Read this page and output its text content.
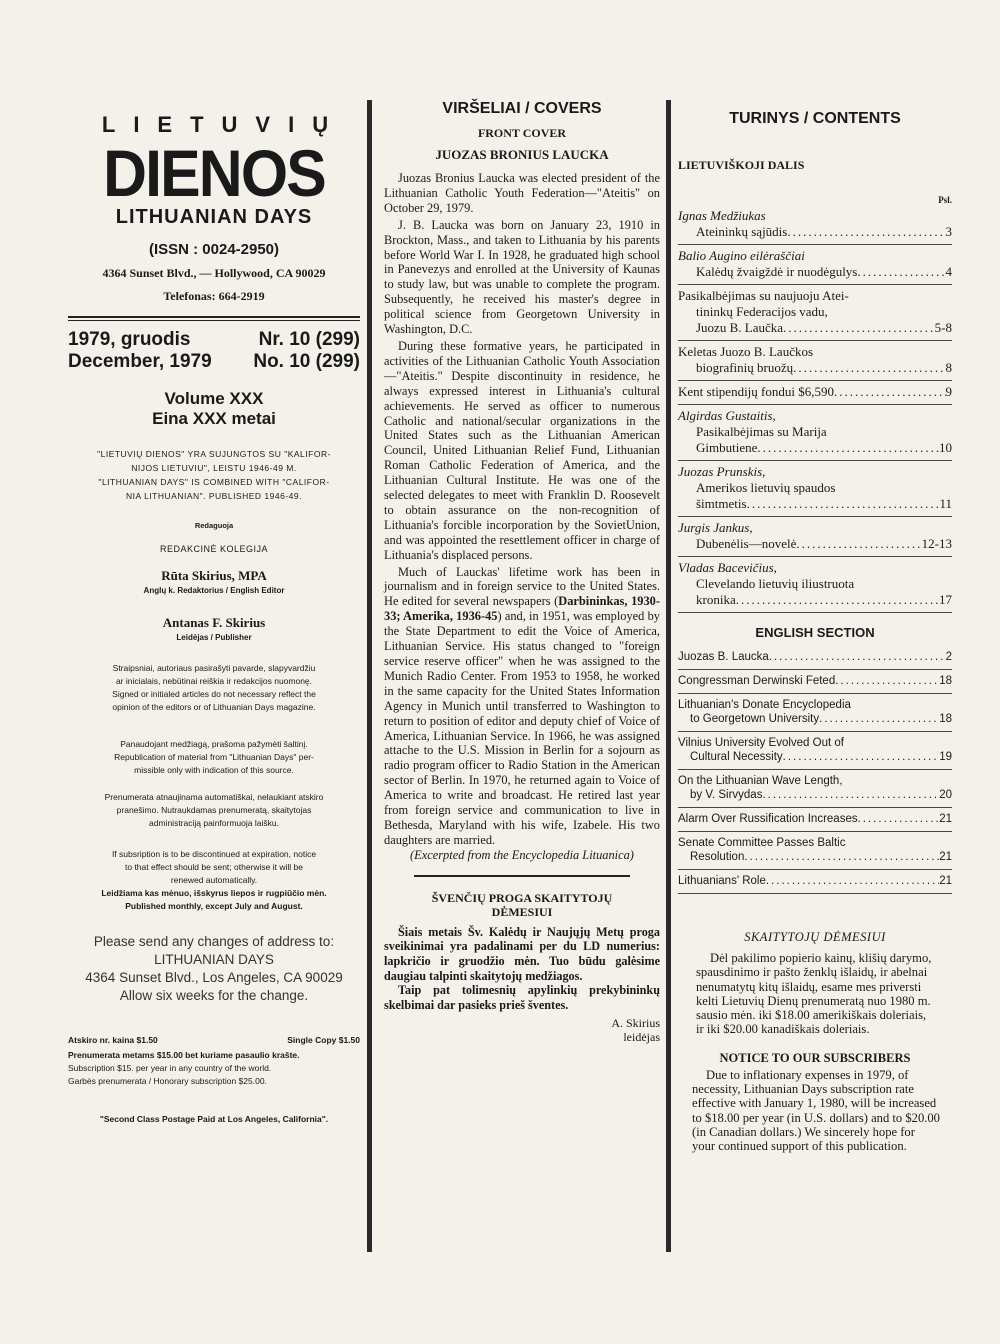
LIETUVIŲ
DIENOS
LITHUANIAN DAYS
(ISSN : 0024-2950)
4364 Sunset Blvd., — Hollywood, CA 90029
Telefonas: 664-2919
1979, gruodis	Nr. 10 (299)
December, 1979 No. 10 (299)
Volume XXX
Eina XXX metai
"LIETUVIŲ DIENOS" YRA SUJUNGTOS SU "KALIFOR-
NIJOS LIETUVIU", LEISTU 1946-49 M.
"LITHUANIAN DAYS" IS COMBINED WITH "CALIFOR-
NIA LITHUANIAN". PUBLISHED 1946-49.
Redaguoja
REDAKCINĖ KOLEGIJA
Rūta Skirius, MPA
Anglų k. Redaktorius / English Editor
Antanas F. Skirius
Leidėjas / Publisher
Straipsniai, autoriaus pasirašyti pavarde, slapyvardžiu
ar inicialais, nebūtinai reiškia ir redakcijos nuomonę.
Signed or initialed articles do not necessary reflect the
opinion of the editors or of Lithuanian Days magazine.
Panaudojant medžiagą, prašoma pažymėti šaltinį.
Republication of material from "Lithuanian Days" per-
missible only with indication of this source.
Prenumerata atnaujinama automatiškai, nelaukiant atskiro
pranešimo. Nutraukdamas prenumeratą, skaitytojas
administraciją painformuoja laišku.
If subsription is to be discontinued at expiration, notice
to that effect should be sent; otherwise it will be
renewed automatically.
Leidžiama kas mėnuo, išskyrus liepos ir rugpiūčio mėn.
Published monthly, except July and August.
Please send any changes of address to:
LITHUANIAN DAYS
4364 Sunset Blvd., Los Angeles, CA 90029
Allow six weeks for the change.
Atskiro nr. kaina $1.50	Single Copy $1.50
Prenumerata metams $15.00 bet kuriame pasaulio krašte.
Subscription $15. per year in any country of the world.
Garbės prenumerata / Honorary subscription $25.00.
"Second Class Postage Paid at Los Angeles, California".
VIRŠELIAI / COVERS
FRONT COVER
JUOZAS BRONIUS LAUCKA

Juozas Bronius Laucka was elected president of the Lithuanian Catholic Youth Federation—"Ateitis" on October 29, 1979.

J. B. Laucka was born on January 23, 1910 in Brockton, Mass., and taken to Lithuania by his parents before World War I. In 1928, he graduated high school in Panevezys and enrolled at the University of Kaunas to study law, but was unable to complete the program. Subsequently, he received his master's degree in political science from Georgetown University in Washington, D.C.

During these formative years, he participated in activities of the Lithuanian Catholic Youth Association—"Ateitis." Despite discontinuity in residence, he always expressed interest in Lithuania's cultural achievements. He served as officer to numerous Catholic and national/secular organizations in the United States such as the Lithuanian American Council, United Lithuanian Relief Fund, Lithuanian Roman Catholic Federation of America, and the Lithuanian Cultural Institute. He was one of the selected delegates to meet with Franklin D. Roosevelt to obtain assurance on the non-recognition of Lithuania's forcible incorporation by the SovietUnion, and was appointed the resettlement officer in charge of Lithuania's displaced persons.

Much of Lauckas' lifetime work has been in journalism and in foreign service to the United States. He edited for several newspapers (Darbininkas, 1930-33; Amerika, 1936-45) and, in 1951, was employed by the State Department to edit the Voice of America, Lithuanian Service. His status changed to "foreign service reserve officer" when he was assigned to the Munich Radio Center. From 1953 to 1958, he worked in the same capacity for the United States Information Agency in Munich until transferred to Washington to return to position of editor and deputy chief of Voice of America, Lithuanian Service. In 1966, he was assigned attache to the U.S. Mission in Berlin for a sojourn as radio program officer to Radio Station in the American sector of Berlin. In 1970, he returned again to Voice of America to write and broadcast. He retired last year from foreign service and communication to live in Bethesda, Maryland with his wife, Izabele. His two daughters are married.

(Excerpted from the Encyclopedia Lituanica)
ŠVENČIŲ PROGA SKAITYTOJŲ
DĖMESIUI

Šiais metais Šv. Kalėdų ir Naujųjų Metų proga sveikinimai yra padalinami per du LD numerius: lapkričio ir gruodžio mėn. Tuo būdu galėsime daugiau talpinti skaitytojų medžiagos.

Taip pat tolimesnių apylinkių prekybininkų skelbimai dar pasieks prieš šventes.

A. Skirius
leidėjas
TURINYS / CONTENTS
LIETUVIŠKOJI DALIS
Psl.
Ignas Medžiukas
Ateininkų sąjūdis .....	3
Balio Augino eilėraščiai
Kalėdų žvaigždė ir nuodėgulys .....	4
Pasikalbėjimas su naujuoju Atei-
tininkų Federacijos vadu,
Juozu B. Laučka .....	5-8
Keletas Juozo B. Laučkos
biografinių bruožų .....	8
Kent stipendijų fondui $6,590 .....	9
Algirdas Gustaitis,
Pasikalbėjimas su Marija
Gimbutiene .....	10
Juozas Prunskis,
Amerikos lietuvių spaudos
šimtmetis .....	11
Jurgis Jankus,
Dubenėlis—novelė .....	12-13
Vladas Bacevičius,
Clevelando lietuvių iliustruota
kronika .....	17
ENGLISH SECTION
Juozas B. Laucka .....	2
Congressman Derwinski Feted .....	18
Lithuanian's Donate Encyclopedia
to Georgetown University .....	18
Vilnius University Evolved Out of
Cultural Necessity .....	19
On the Lithuanian Wave Length,
by V. Sirvydas .....	20
Alarm Over Russification Increases .....	21
Senate Committee Passes Baltic
Resolution .....	21
Lithuanians' Role .....	21
SKAITYTOJŲ DĖMESIUI

Dėl pakilimo popierio kainų, klišių darymo, spausdinimo ir pašto ženklų išlaidų, ir abelnai nenumatytų kitų išlaidų, esame mes priversti kelti Lietuvių Dienų prenumeratą nuo 1980 m. sausio mėn. iki $18.00 amerikiškais doleriais, ir iki $20.00 kanadiškais doleriais.

NOTICE TO OUR SUBSCRIBERS

Due to inflationary expenses in 1979, of necessity, Lithuanian Days subscription rate effective with January 1, 1980, will be increased to $18.00 per year (in U.S. dollars) and to $20.00 (in Canadian dollars.) We sincerely hope for your continued support of this publication.
